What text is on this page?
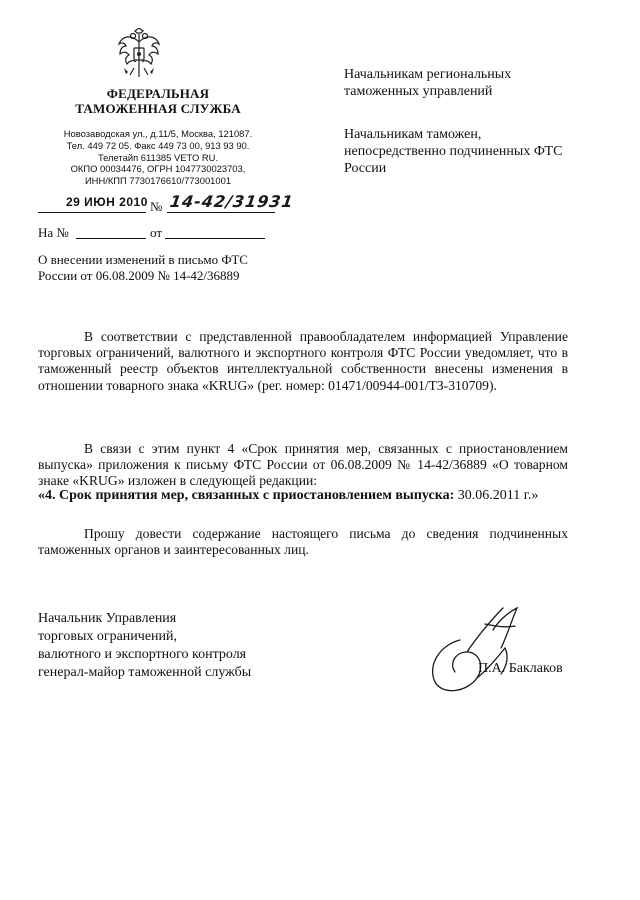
ФЕДЕРАЛЬНАЯ
ТАМОЖЕННАЯ СЛУЖБА
Новозаводская ул., д.11/5, Москва, 121087.
Тел. 449 72 05. Факс 449 73 00, 913 93 90.
Телетайп 611385 VETO RU.
ОКПО 00034476, ОГРН 1047730023703,
ИНН/КПП 7730176610/773001001
29 ИЮН 2010 № 14-42/31931
На №	от
О внесении изменений в письмо ФТС России от 06.08.2009 № 14-42/36889
Начальникам региональных таможенных управлений
Начальникам таможен, непосредственно подчиненных ФТС России
В соответствии с представленной правообладателем информацией Управление торговых ограничений, валютного и экспортного контроля ФТС России уведомляет, что в таможенный реестр объектов интеллектуальной собственности внесены изменения в отношении товарного знака «KRUG» (рег. номер: 01471/00944-001/ТЗ-310709).
В связи с этим пункт 4 «Срок принятия мер, связанных с приостановлением выпуска» приложения к письму ФТС России от 06.08.2009 № 14-42/36889 «О товарном знаке «KRUG» изложен в следующей редакции:
«4. Срок принятия мер, связанных с приостановлением выпуска: 30.06.2011 г.»
Прошу довести содержание настоящего письма до сведения подчиненных таможенных органов и заинтересованных лиц.
Начальник Управления
торговых ограничений,
валютного и экспортного контроля
генерал-майор таможенной службы	П.А. Баклаков
